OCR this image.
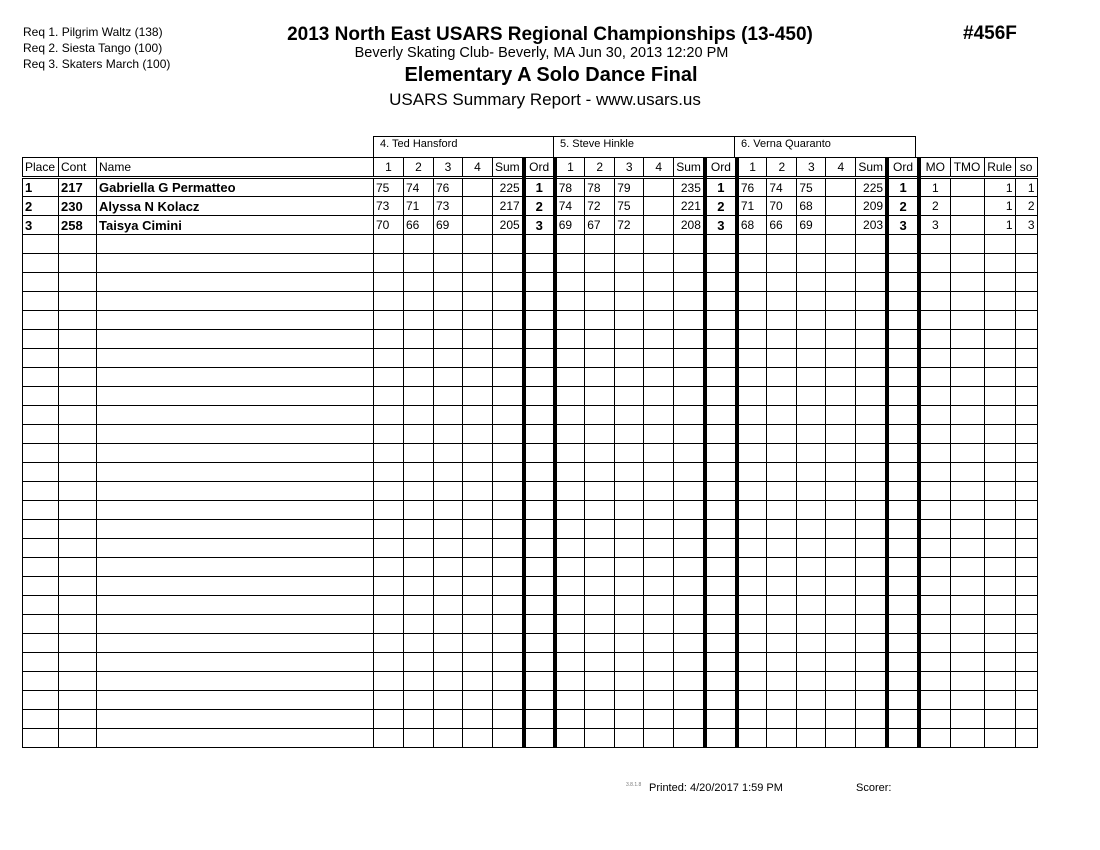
Req 1. Pilgrim Waltz (138)
Req 2. Siesta Tango (100)
Req 3. Skaters March (100)
2013 North East USARS Regional Championships (13-450)
Beverly Skating Club- Beverly, MA Jun 30, 2013 12:20 PM
Elementary A Solo Dance Final
USARS Summary Report - www.usars.us
#456F
4. Ted Hansford	5. Steve Hinkle	6. Verna Quaranto
Place	Cont	Name	1	2	3	4	Sum	Ord	1	2	3	4	Sum	Ord	1	2	3	4	Sum	Ord	MO	TMO	Rule	so
1	217	Gabriella G Permatteo	75	74	76		225	1	78	78	79		235	1	76	74	75		225	1	1		1	1
2	230	Alyssa N Kolacz	73	71	73		217	2	74	72	75		221	2	71	70	68		209	2	2		1	2
3	258	Taisya Cimini	70	66	69		205	3	69	67	72		208	3	68	66	69		203	3	3		1	3

3.8.1.8 Printed: 4/20/2017 1:59 PM	Scorer:
